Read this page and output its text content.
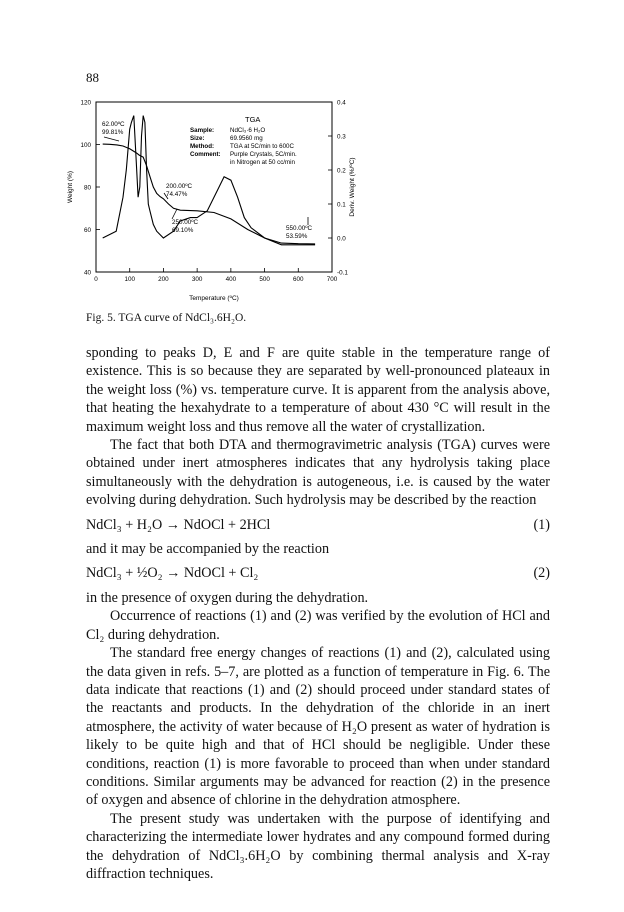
88
0	100	200	300	400	500	600	700
40
60
80
100
120
-0.1
0.0
0.1
0.2
0.3
0.4
TGA
Sample:	NdCl₃·6 H₂O
Size:	69.9560 mg
Method:	TGA at 5C/min to 600C
Comment: Purple Crystals, 5C/min.
in Nitrogen at 50 cc/min
62.00ºC
99.81%
200.00ºC
74.47%
250.00ºC
69.10%	550.00ºC
53.59%
Temperature (ºC)
Weight (%)	Deriv. Weight (%/ºC)
Fig. 5. TGA curve of NdCl₃.6H₂O.

sponding to peaks D, E and F are quite stable in the temperature range of existence. This is so because they are separated by well-pronounced plateaux in the weight loss (%) vs. temperature curve. It is apparent from the analysis above, that heating the hexahydrate to a temperature of about 430 °C will result in the maximum weight loss and thus remove all the water of crystallization.

The fact that both DTA and thermogravimetric analysis (TGA) curves were obtained under inert atmospheres indicates that any hydrolysis taking place simultaneously with the dehydration is autogeneous, i.e. is caused by the water evolving during dehydration. Such hydrolysis may be described by the reaction

NdCl₃ + H₂O → NdOCl + 2HCl	(1)

and it may be accompanied by the reaction

NdCl₃ + ½O₂ → NdOCl + Cl₂	(2)

in the presence of oxygen during the dehydration.

Occurrence of reactions (1) and (2) was verified by the evolution of HCl and Cl₂ during dehydration.

The standard free energy changes of reactions (1) and (2), calculated using the data given in refs. 5–7, are plotted as a function of temperature in Fig. 6. The data indicate that reactions (1) and (2) should proceed under standard states of the reactants and products. In the dehydration of the chloride in an inert atmosphere, the activity of water because of H₂O present as water of hydration is likely to be quite high and that of HCl should be negligible. Under these conditions, reaction (1) is more favorable to proceed than when under standard conditions. Similar arguments may be advanced for reaction (2) in the presence of oxygen and absence of chlorine in the dehydration atmosphere.

The present study was undertaken with the purpose of identifying and characterizing the intermediate lower hydrates and any compound formed during the dehydration of NdCl₃.6H₂O by combining thermal analysis and X-ray diffraction techniques.
